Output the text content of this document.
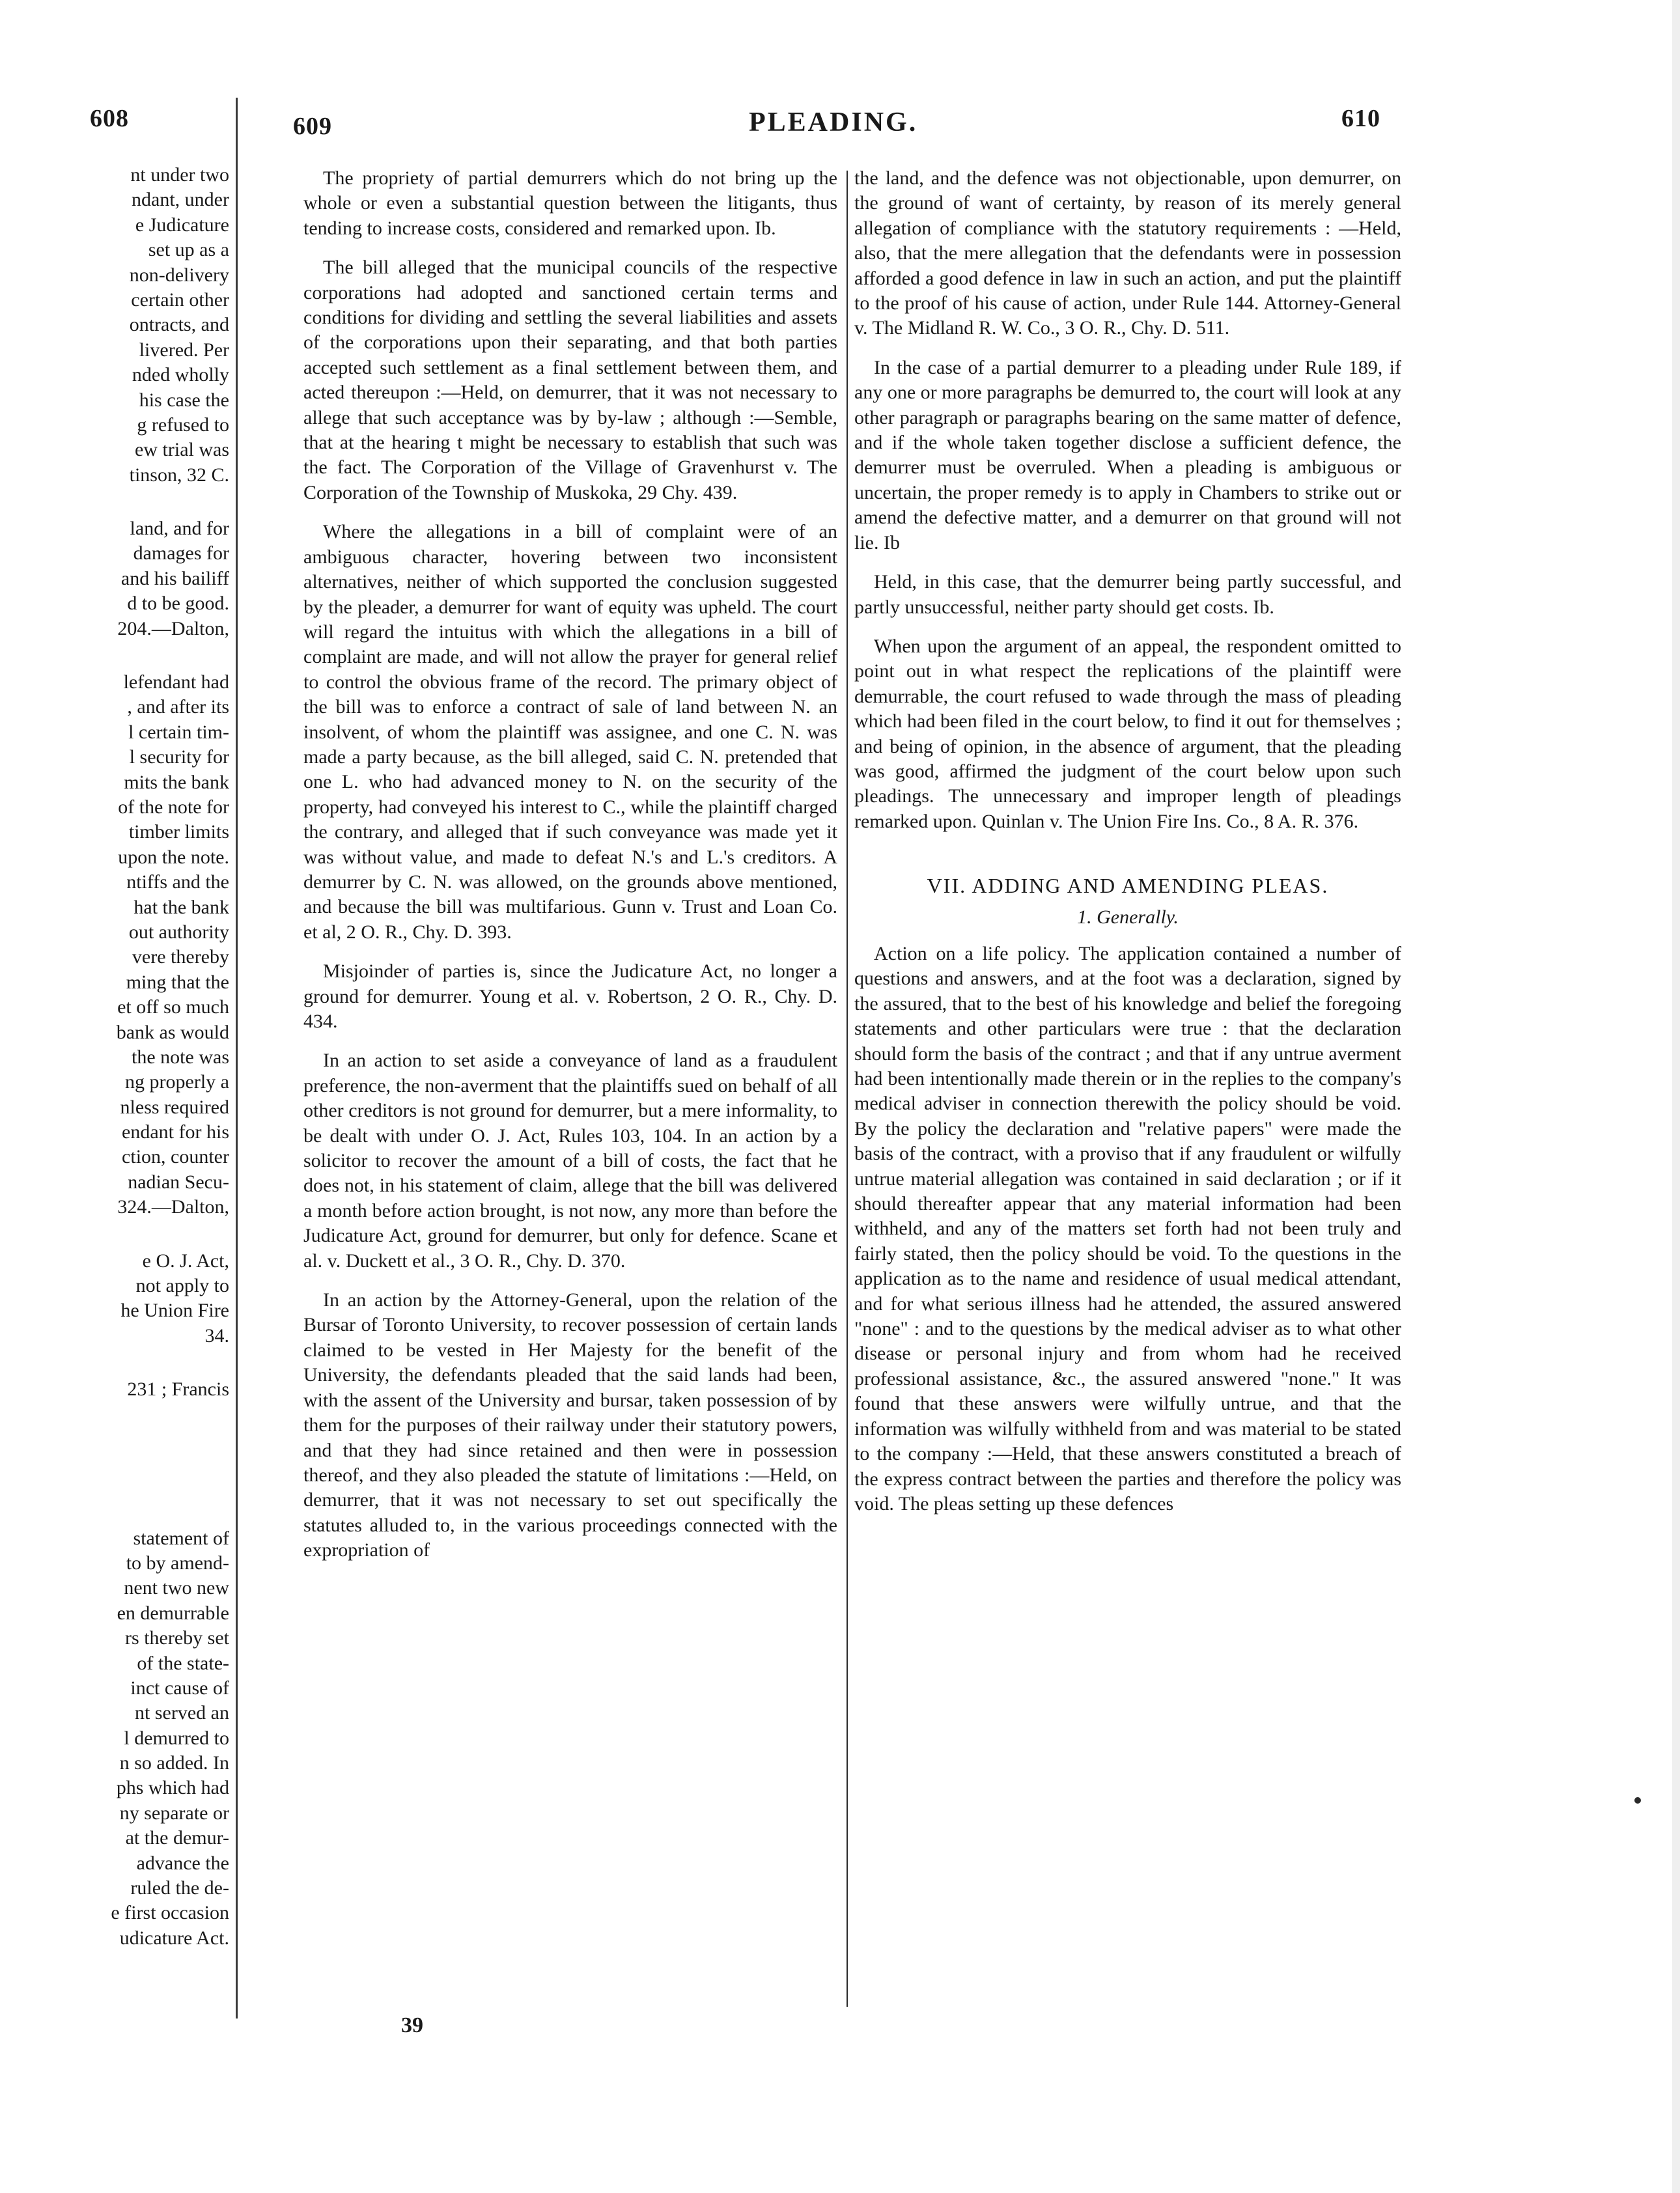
608
nt under two
ndant, under
e Judicature
set up as a
non-delivery
certain other
ontracts, and
livered. Per
nded wholly
his case the
g refused to
ew trial was
tinson, 32 C.
land, and for
damages for
and his bailiff
d to be good.
204.—Dalton,
lefendant had
, and after its
l certain tim-
l security for
mits the bank
of the note for
timber limits
upon the note.
ntiffs and the
hat the bank
out authority
vere thereby
ming that the
et off so much
bank as would
the note was
ng properly a
nless required
endant for his
ction, counter
nadian Secu-
324.—Dalton,
e O. J. Act,
not apply to
he Union Fire
34.
231 ; Francis
statement of
to by amend-
nent two new
en demurrable
rs thereby set
of the state-
inct cause of
nt served an
l demurred to
n so added. In
phs which had
ny separate or
at the demur-
advance the
ruled the de-
e first occasion
udicature Act.
609	PLEADING.	610

The propriety of partial demurrers which do not bring up the whole or even a substantial question between the litigants, thus tending to increase costs, considered and remarked upon. Ib.

The bill alleged that the municipal councils of the respective corporations had adopted and sanctioned certain terms and conditions for dividing and settling the several liabilities and assets of the corporations upon their separating, and that both parties accepted such settlement as a final settlement between them, and acted thereupon :—Held, on demurrer, that it was not necessary to allege that such acceptance was by by-law ; although :—Semble, that at the hearing t might be necessary to establish that such was the fact. The Corporation of the Village of Gravenhurst v. The Corporation of the Township of Muskoka, 29 Chy. 439.

Where the allegations in a bill of complaint were of an ambiguous character, hovering between two inconsistent alternatives, neither of which supported the conclusion suggested by the pleader, a demurrer for want of equity was upheld. The court will regard the intuitus with which the allegations in a bill of complaint are made, and will not allow the prayer for general relief to control the obvious frame of the record. The primary object of the bill was to enforce a contract of sale of land between N. an insolvent, of whom the plaintiff was assignee, and one C. N. was made a party because, as the bill alleged, said C. N. pretended that one L. who had advanced money to N. on the security of the property, had conveyed his interest to C., while the plaintiff charged the contrary, and alleged that if such conveyance was made yet it was without value, and made to defeat N.'s and L.'s creditors. A demurrer by C. N. was allowed, on the grounds above mentioned, and because the bill was multifarious. Gunn v. Trust and Loan Co. et al, 2 O. R., Chy. D. 393.

Misjoinder of parties is, since the Judicature Act, no longer a ground for demurrer. Young et al. v. Robertson, 2 O. R., Chy. D. 434.

In an action to set aside a conveyance of land as a fraudulent preference, the non-averment that the plaintiffs sued on behalf of all other creditors is not ground for demurrer, but a mere informality, to be dealt with under O. J. Act, Rules 103, 104. In an action by a solicitor to recover the amount of a bill of costs, the fact that he does not, in his statement of claim, allege that the bill was delivered a month before action brought, is not now, any more than before the Judicature Act, ground for demurrer, but only for defence. Scane et al. v. Duckett et al., 3 O. R., Chy. D. 370.

In an action by the Attorney-General, upon the relation of the Bursar of Toronto University, to recover possession of certain lands claimed to be vested in Her Majesty for the benefit of the University, the defendants pleaded that the said lands had been, with the assent of the University and bursar, taken possession of by them for the purposes of their railway under their statutory powers, and that they had since retained and then were in possession thereof, and they also pleaded the statute of limitations :—Held, on demurrer, that it was not necessary to set out specifically the statutes alluded to, in the various proceedings connected with the expropriation of

the land, and the defence was not objectionable, upon demurrer, on the ground of want of certainty, by reason of its merely general allegation of compliance with the statutory requirements : —Held, also, that the mere allegation that the defendants were in possession afforded a good defence in law in such an action, and put the plaintiff to the proof of his cause of action, under Rule 144. Attorney-General v. The Midland R. W. Co., 3 O. R., Chy. D. 511.

In the case of a partial demurrer to a pleading under Rule 189, if any one or more paragraphs be demurred to, the court will look at any other paragraph or paragraphs bearing on the same matter of defence, and if the whole taken together disclose a sufficient defence, the demurrer must be overruled. When a pleading is ambiguous or uncertain, the proper remedy is to apply in Chambers to strike out or amend the defective matter, and a demurrer on that ground will not lie. Ib

Held, in this case, that the demurrer being partly successful, and partly unsuccessful, neither party should get costs. Ib.

When upon the argument of an appeal, the respondent omitted to point out in what respect the replications of the plaintiff were demurrable, the court refused to wade through the mass of pleading which had been filed in the court below, to find it out for themselves ; and being of opinion, in the absence of argument, that the pleading was good, affirmed the judgment of the court below upon such pleadings. The unnecessary and improper length of pleadings remarked upon. Quinlan v. The Union Fire Ins. Co., 8 A. R. 376.

VII. ADDING AND AMENDING PLEAS.
1. Generally.

Action on a life policy. The application contained a number of questions and answers, and at the foot was a declaration, signed by the assured, that to the best of his knowledge and belief the foregoing statements and other particulars were true : that the declaration should form the basis of the contract ; and that if any untrue averment had been intentionally made therein or in the replies to the company's medical adviser in connection therewith the policy should be void. By the policy the declaration and "relative papers" were made the basis of the contract, with a proviso that if any fraudulent or wilfully untrue material allegation was contained in said declaration ; or if it should thereafter appear that any material information had been withheld, and any of the matters set forth had not been truly and fairly stated, then the policy should be void. To the questions in the application as to the name and residence of usual medical attendant, and for what serious illness had he attended, the assured answered "none" : and to the questions by the medical adviser as to what other disease or personal injury and from whom had he received professional assistance, &c., the assured answered "none." It was found that these answers were wilfully untrue, and that the information was wilfully withheld from and was material to be stated to the company :—Held, that these answers constituted a breach of the express contract between the parties and therefore the policy was void. The pleas setting up these defences

39
